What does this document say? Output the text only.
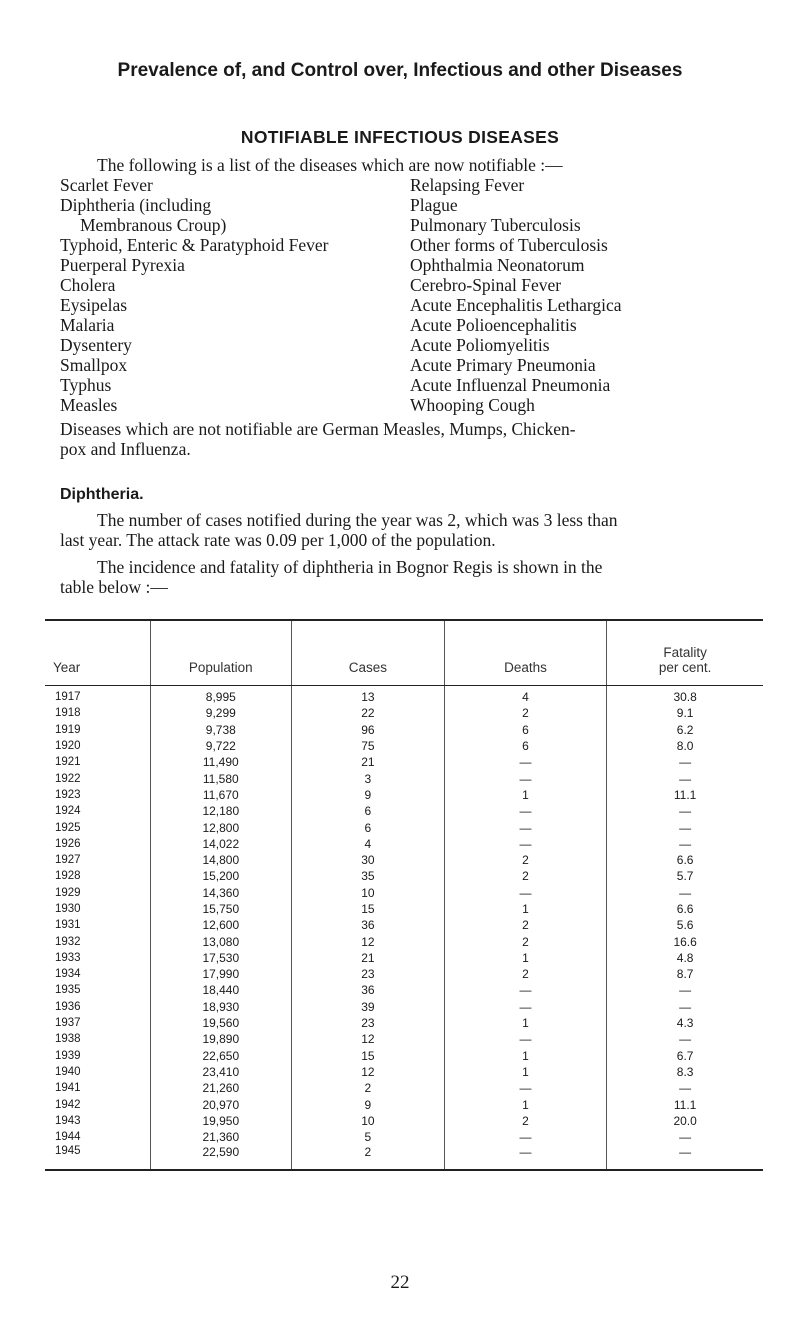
Prevalence of, and Control over, Infectious and other Diseases
NOTIFIABLE INFECTIOUS DISEASES
The following is a list of the diseases which are now notifiable :—
Scarlet Fever
Diphtheria (including
Membranous Croup)
Typhoid, Enteric & Paratyphoid Fever
Puerperal Pyrexia
Cholera
Eysipelas
Malaria
Dysentery
Smallpox
Typhus
Measles
Relapsing Fever
Plague
Pulmonary Tuberculosis
Other forms of Tuberculosis
Ophthalmia Neonatorum
Cerebro-Spinal Fever
Acute Encephalitis Lethargica
Acute Polioencephalitis
Acute Poliomyelitis
Acute Primary Pneumonia
Acute Influenzal Pneumonia
Whooping Cough
Diseases which are not notifiable are German Measles, Mumps, Chicken-
pox and Influenza.
Diphtheria.
The number of cases notified during the year was 2, which was 3 less than
last year. The attack rate was 0.09 per 1,000 of the population.
The incidence and fatality of diphtheria in Bognor Regis is shown in the
table below :—
Year	Population	Cases	Deaths	Fatality
per cent.

1917	8,995	13	4	30.8
1918	9,299	22	2	9.1
1919	9,738	96	6	6.2
1920	9,722	75	6	8.0
1921	11,490	21	—	—
1922	11,580	3	—	—
1923	11,670	9	1	11.1
1924	12,180	6	—	—
1925	12,800	6	—	—
1926	14,022	4	—	—
1927	14,800	30	2	6.6
1928	15,200	35	2	5.7
1929	14,360	10	—	—
1930	15,750	15	1	6.6
1931	12,600	36	2	5.6
1932	13,080	12	2	16.6
1933	17,530	21	1	4.8
1934	17,990	23	2	8.7
1935	18,440	36	—	—
1936	18,930	39	—	—
1937	19,560	23	1	4.3
1938	19,890	12	—	—
1939	22,650	15	1	6.7
1940	23,410	12	1	8.3
1941	21,260	2	—	—
1942	20,970	9	1	11.1
1943	19,950	10	2	20.0
1944	21,360	5	—	—
1945	22,590	2	—	—
22
